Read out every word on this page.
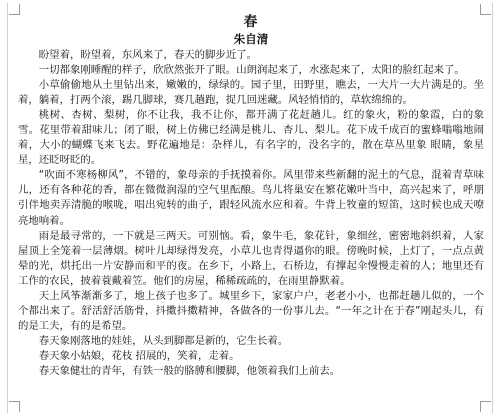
春

朱自清

盼望着，盼望着，东风来了，春天的脚步近了。

一切都象刚睡醒的样子，欣欣然张开了眼。山朗润起来了，水涨起来了，太阳的脸红起来了。

小草偷偷地从土里钻出来，嫩嫩的，绿绿的。园子里，田野里，瞧去，一大片一大片满是的。坐着，躺着，打两个滚，踢几脚球，赛几趟跑，捉几回迷藏。风轻悄悄的，草软绵绵的。

桃树、杏树、梨树，你不让我，我不让你，都开满了花赶趟儿。红的象火，粉的象霞，白的象雪。花里带着甜味儿；闭了眼，树上仿佛已经满是桃儿、杏儿、梨儿。花下成千成百的蜜蜂嗡嗡地闹着，大小的蝴蝶飞来飞去。野花遍地是：杂样儿，有名字的，没名字的，散在草丛里象 眼睛，象星星，还眨呀眨的。

“吹面不寒杨柳风”，不错的，象母亲的手抚摸着你。风里带来些新翻的泥土的气息，混着青草味儿，还有各种花的香，都在微微润湿的空气里酝酿。鸟儿将巢安在繁花嫩叶当中，高兴起来了，呼朋引伴地卖弄清脆的喉咙，唱出宛转的曲子，跟轻风流水应和着。牛背上牧童的短笛，这时候也成天嘹亮地响着。

雨是最寻常的，一下就是三两天。可别恼。看，象牛毛，象花针，象细丝，密密地斜织着，人家屋顶上全笼着一层薄烟。树叶儿却绿得发亮，小草儿也青得逼你的眼。傍晚时候，上灯了，一点点黄晕的光，烘托出一片安静而和平的夜。在乡下，小路上，石桥边，有撑起伞慢慢走着的人；地里还有工作的农民，披着蓑戴着笠。他们的房屋，稀稀疏疏的，在雨里静默着。

天上风筝渐渐多了，地上孩子也多了。城里乡下，家家户户，老老小小，也都赶趟儿似的，一个个都出来了。舒活舒活筋骨，抖擞抖擞精神，各做各的一份事儿去。“一年之计在于春”刚起头儿，有的是工夫，有的是希望。

春天象刚落地的娃娃，从头到脚都是新的，它生长着。

春天象小姑娘，花枝 招展的，笑着，走着。

春天象健壮的青年，有铁一般的胳膊和腰脚，他领着我们上前去。
